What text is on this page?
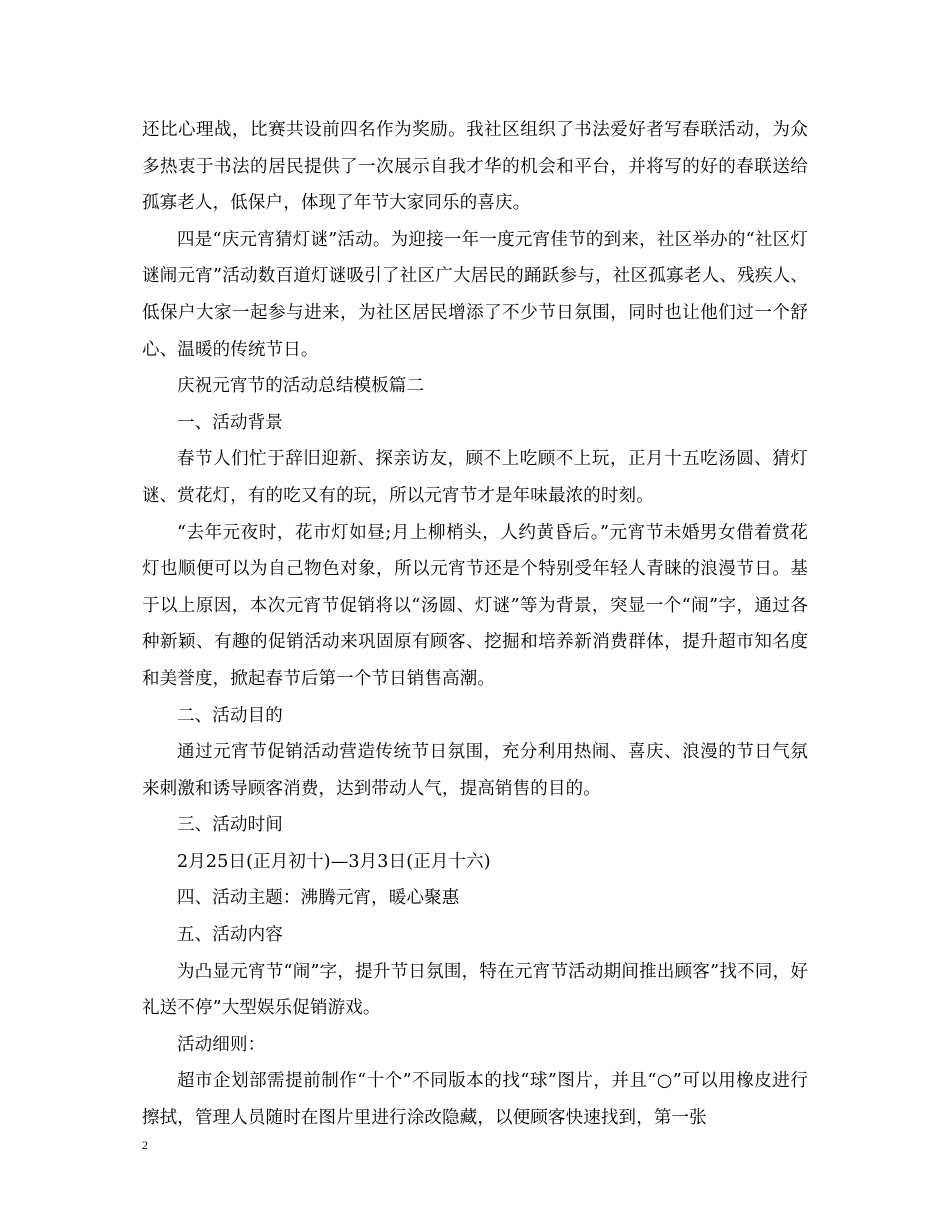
还比心理战，比赛共设前四名作为奖励。我社区组织了书法爱好者写春联活动，为众多热衷于书法的居民提供了一次展示自我才华的机会和平台，并将写的好的春联送给孤寡老人，低保户，体现了年节大家同乐的喜庆。

四是“庆元宵猜灯谜”活动。为迎接一年一度元宵佳节的到来，社区举办的“社区灯谜闹元宵”活动数百道灯谜吸引了社区广大居民的踊跃参与，社区孤寡老人、残疾人、低保户大家一起参与进来，为社区居民增添了不少节日氛围，同时也让他们过一个舒心、温暖的传统节日。

庆祝元宵节的活动总结模板篇二

一、活动背景

春节人们忙于辞旧迎新、探亲访友，顾不上吃顾不上玩，正月十五吃汤圆、猜灯谜、赏花灯，有的吃又有的玩，所以元宵节才是年味最浓的时刻。

“去年元夜时，花市灯如昼;月上柳梢头，人约黄昏后。”元宵节未婚男女借着赏花灯也顺便可以为自己物色对象，所以元宵节还是个特别受年轻人青睐的浪漫节日。基于以上原因，本次元宵节促销将以“汤圆、灯谜”等为背景，突显一个“闹”字，通过各种新颖、有趣的促销活动来巩固原有顾客、挖掘和培养新消费群体，提升超市知名度和美誉度，掀起春节后第一个节日销售高潮。

二、活动目的

通过元宵节促销活动营造传统节日氛围，充分利用热闹、喜庆、浪漫的节日气氛来刺激和诱导顾客消费，达到带动人气，提高销售的目的。

三、活动时间

2月25日(正月初十)—3月3日(正月十六)

四、活动主题：沸腾元宵，暖心聚惠

五、活动内容

为凸显元宵节“闹”字，提升节日氛围，特在元宵节活动期间推出顾客”找不同，好礼送不停”大型娱乐促销游戏。

活动细则：

超市企划部需提前制作“十个”不同版本的找“球”图片，并且“○”可以用橡皮进行擦拭，管理人员随时在图片里进行涂改隐藏，以便顾客快速找到，第一张

2
